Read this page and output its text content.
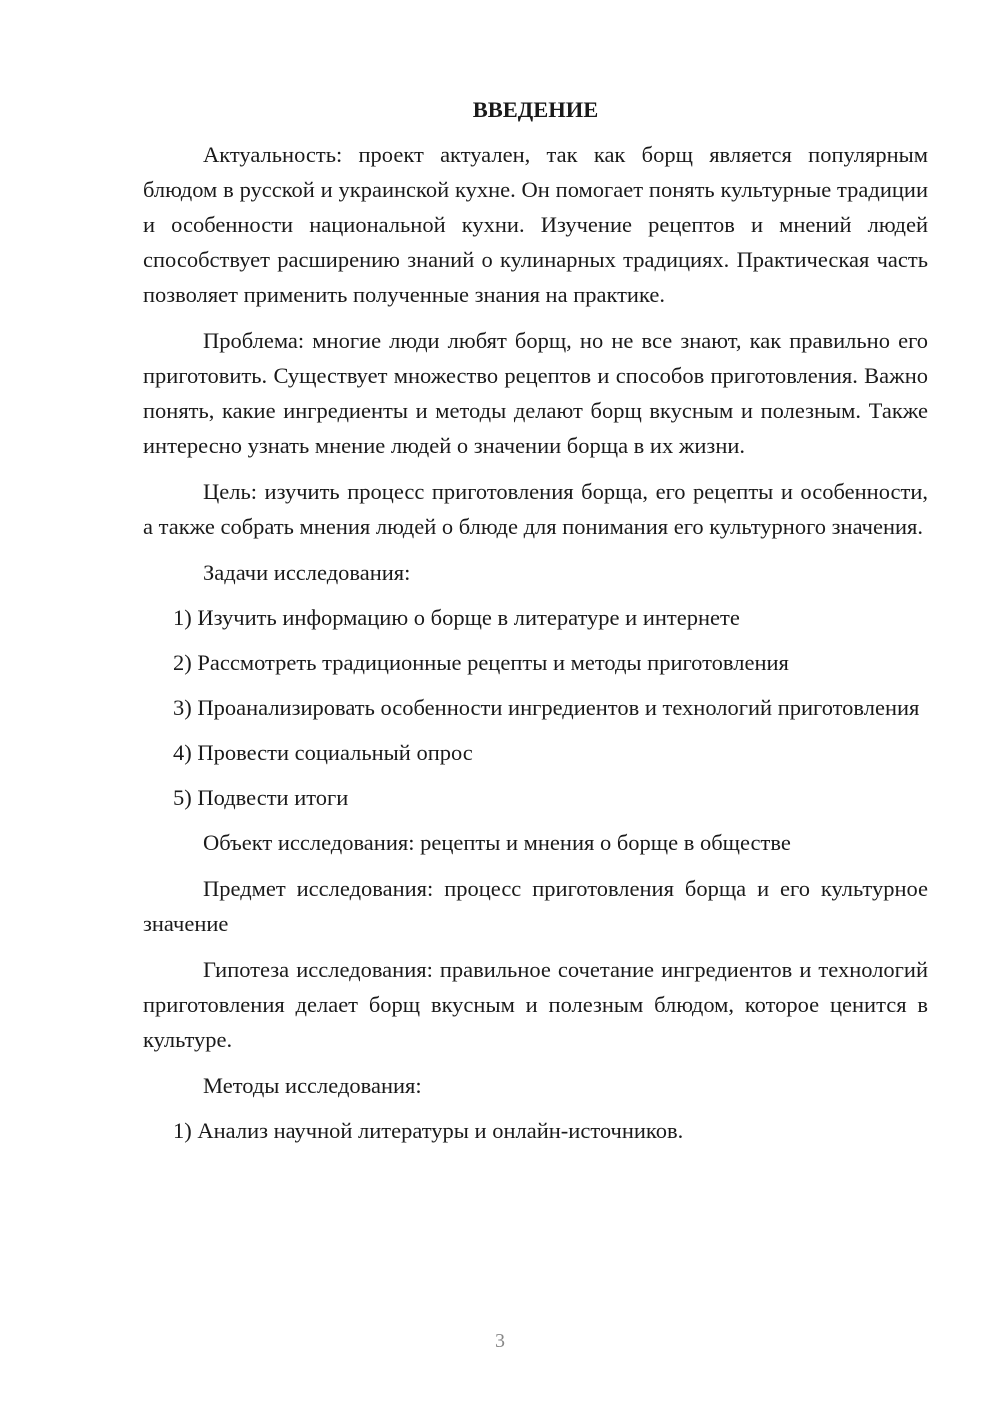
ВВЕДЕНИЕ

Актуальность: проект актуален, так как борщ является популярным блюдом в русской и украинской кухне. Он помогает понять культурные традиции и особенности национальной кухни. Изучение рецептов и мнений людей способствует расширению знаний о кулинарных традициях. Практическая часть позволяет применить полученные знания на практике.

Проблема: многие люди любят борщ, но не все знают, как правильно его приготовить. Существует множество рецептов и способов приготовления. Важно понять, какие ингредиенты и методы делают борщ вкусным и полезным. Также интересно узнать мнение людей о значении борща в их жизни.

Цель: изучить процесс приготовления борща, его рецепты и особенности, а также собрать мнения людей о блюде для понимания его культурного значения.

Задачи исследования:

1) Изучить информацию о борще в литературе и интернете

2) Рассмотреть традиционные рецепты и методы приготовления

3) Проанализировать особенности ингредиентов и технологий приготовления

4) Провести социальный опрос

5) Подвести итоги

Объект исследования: рецепты и мнения о борще в обществе

Предмет исследования: процесс приготовления борща и его культурное значение

Гипотеза исследования: правильное сочетание ингредиентов и технологий приготовления делает борщ вкусным и полезным блюдом, которое ценится в культуре.

Методы исследования:

1) Анализ научной литературы и онлайн-источников.

3
